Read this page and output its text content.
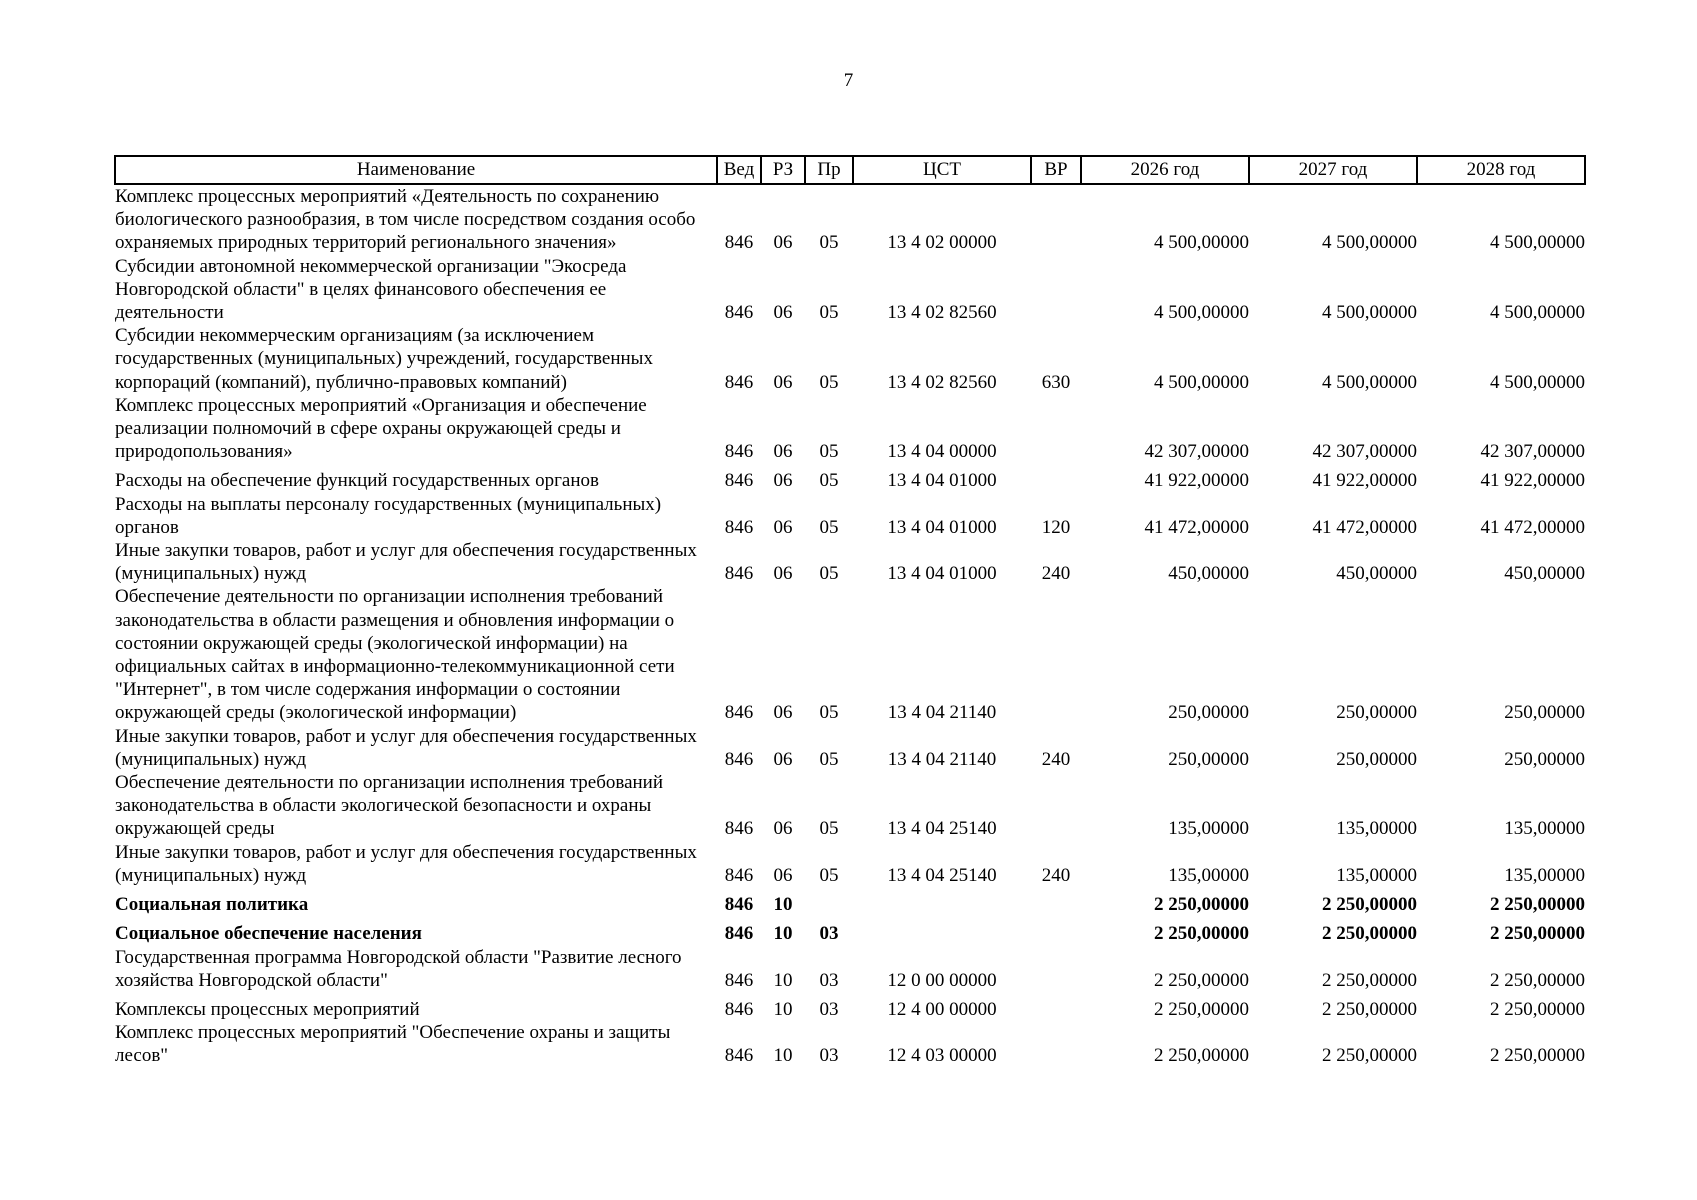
7
Наименование	Вед	РЗ	Пр	ЦСТ	ВР	2026 год	2027 год	2028 год
Комплекс процессных мероприятий «Деятельность по сохранению биологического разнообразия, в том числе посредством создания особо охраняемых природных территорий регионального значения»	846	06	05	13 4 02 00000		4 500,00000	4 500,00000	4 500,00000
Субсидии автономной некоммерческой организации "Экосреда Новгородской области" в целях финансового обеспечения ее деятельности	846	06	05	13 4 02 82560		4 500,00000	4 500,00000	4 500,00000
Субсидии некоммерческим организациям (за исключением государственных (муниципальных) учреждений, государственных корпораций (компаний), публично-правовых компаний)	846	06	05	13 4 02 82560	630	4 500,00000	4 500,00000	4 500,00000
Комплекс процессных мероприятий «Организация и обеспечение реализации полномочий в сфере охраны окружающей среды и природопользования»	846	06	05	13 4 04 00000		42 307,00000	42 307,00000	42 307,00000
Расходы на обеспечение функций государственных органов	846	06	05	13 4 04 01000		41 922,00000	41 922,00000	41 922,00000
Расходы на выплаты персоналу государственных (муниципальных) органов	846	06	05	13 4 04 01000	120	41 472,00000	41 472,00000	41 472,00000
Иные закупки товаров, работ и услуг для обеспечения государственных (муниципальных) нужд	846	06	05	13 4 04 01000	240	450,00000	450,00000	450,00000
Обеспечение деятельности по организации исполнения требований законодательства в области размещения и обновления информации о состоянии окружающей среды (экологической информации) на официальных сайтах в информационно-телекоммуникационной сети "Интернет", в том числе содержания информации о состоянии окружающей среды (экологической информации)	846	06	05	13 4 04 21140		250,00000	250,00000	250,00000
Иные закупки товаров, работ и услуг для обеспечения государственных (муниципальных) нужд	846	06	05	13 4 04 21140	240	250,00000	250,00000	250,00000
Обеспечение деятельности по организации исполнения требований законодательства в области экологической безопасности и охраны окружающей среды	846	06	05	13 4 04 25140		135,00000	135,00000	135,00000
Иные закупки товаров, работ и услуг для обеспечения государственных (муниципальных) нужд	846	06	05	13 4 04 25140	240	135,00000	135,00000	135,00000
Социальная политика	846	10				2 250,00000	2 250,00000	2 250,00000
Социальное обеспечение населения	846	10	03			2 250,00000	2 250,00000	2 250,00000
Государственная программа Новгородской области "Развитие лесного хозяйства Новгородской области"	846	10	03	12 0 00 00000		2 250,00000	2 250,00000	2 250,00000
Комплексы процессных мероприятий	846	10	03	12 4 00 00000		2 250,00000	2 250,00000	2 250,00000
Комплекс процессных мероприятий "Обеспечение охраны и защиты лесов"	846	10	03	12 4 03 00000		2 250,00000	2 250,00000	2 250,00000
